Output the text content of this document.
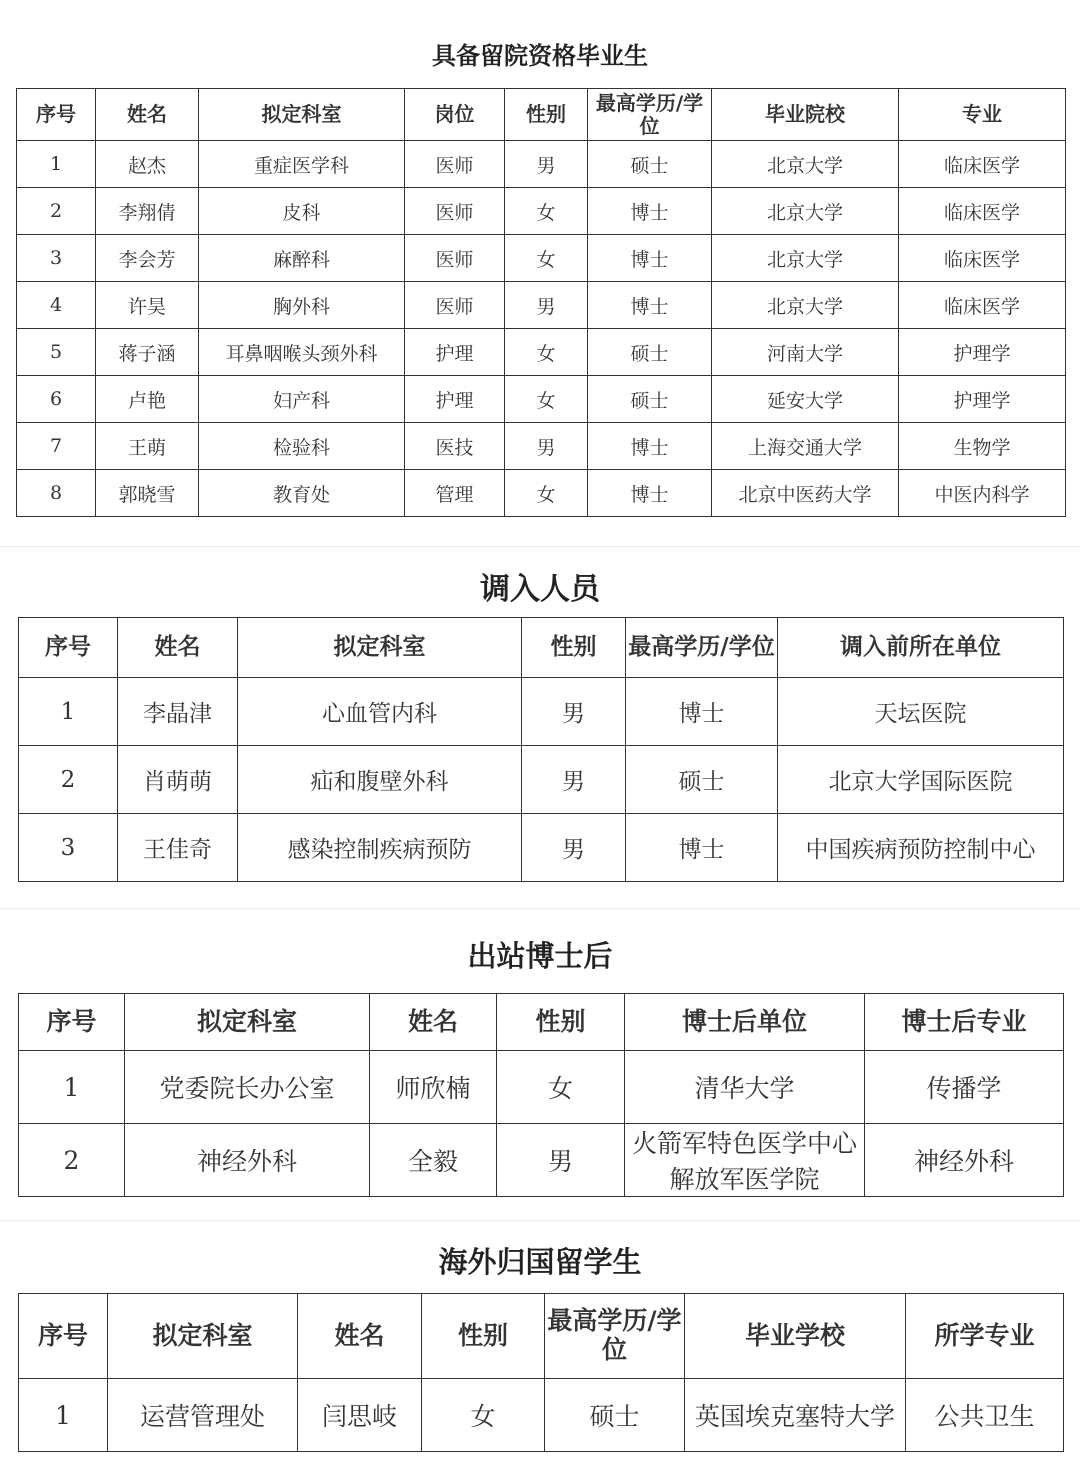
具备留院资格毕业生
序号	姓名	拟定科室	岗位	性别	最高学历/学位	毕业院校	专业
1	赵杰	重症医学科	医师	男	硕士	北京大学	临床医学
2	李翔倩	皮科	医师	女	博士	北京大学	临床医学
3	李会芳	麻醉科	医师	女	博士	北京大学	临床医学
4	许昊	胸外科	医师	男	博士	北京大学	临床医学
5	蒋子涵	耳鼻咽喉头颈外科	护理	女	硕士	河南大学	护理学
6	卢艳	妇产科	护理	女	硕士	延安大学	护理学
7	王萌	检验科	医技	男	博士	上海交通大学	生物学
8	郭晓雪	教育处	管理	女	博士	北京中医药大学	中医内科学
调入人员
序号	姓名	拟定科室	性别	最高学历/学位	调入前所在单位
1	李晶津	心血管内科	男	博士	天坛医院
2	肖萌萌	疝和腹壁外科	男	硕士	北京大学国际医院
3	王佳奇	感染控制疾病预防	男	博士	中国疾病预防控制中心
出站博士后
序号	拟定科室	姓名	性别	博士后单位	博士后专业
1	党委院长办公室	师欣楠	女	清华大学	传播学
2	神经外科	全毅	男	火箭军特色医学中心解放军医学院	神经外科
海外归国留学生
序号	拟定科室	姓名	性别	最高学历/学位	毕业学校	所学专业
1	运营管理处	闫思岐	女	硕士	英国埃克塞特大学	公共卫生
